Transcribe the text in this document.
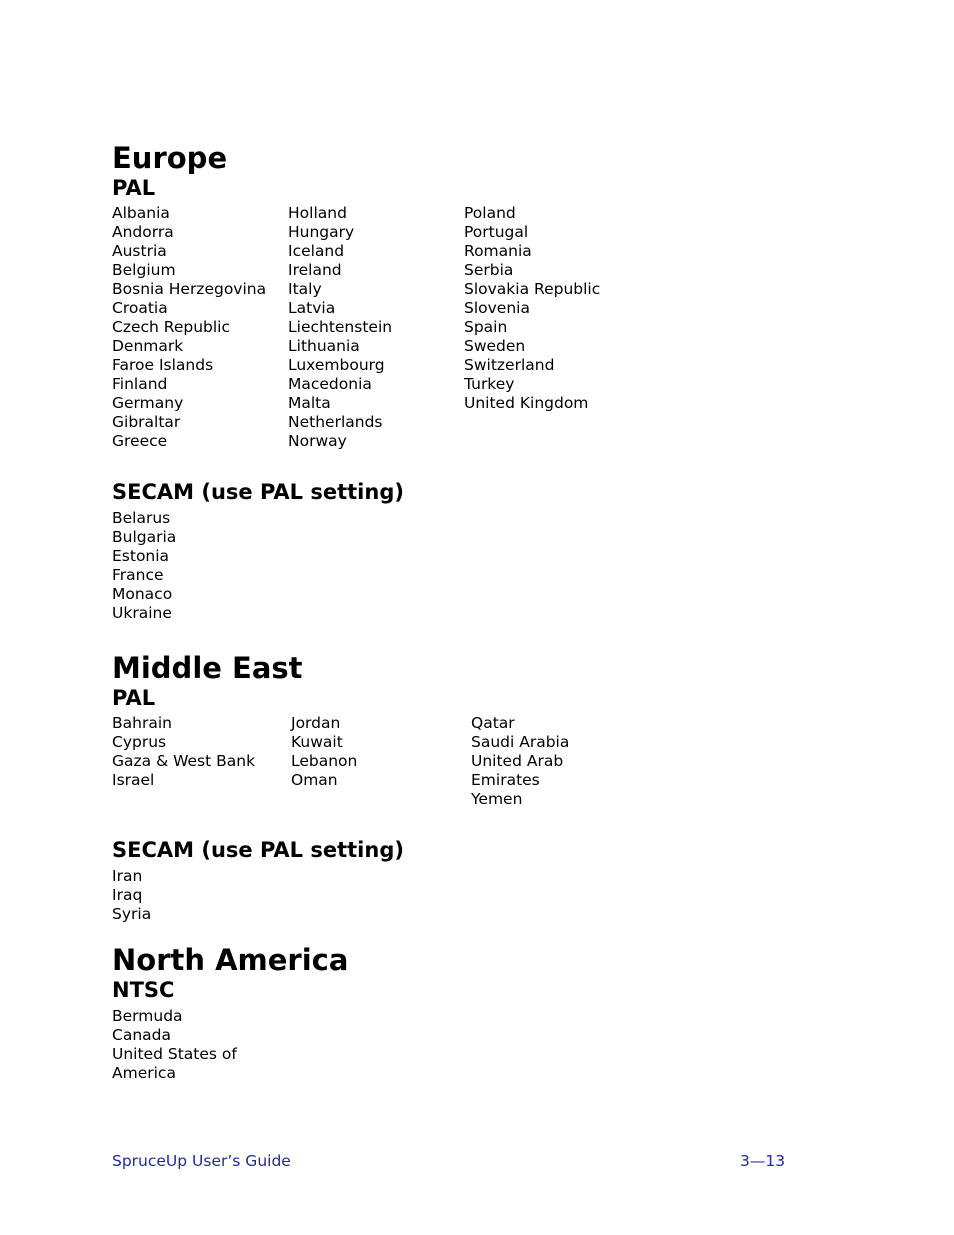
Europe
PAL
Albania
Andorra
Austria
Belgium
Bosnia Herzegovina
Croatia
Czech Republic
Denmark
Faroe Islands
Finland
Germany
Gibraltar
Greece
Holland
Hungary
Iceland
Ireland
Italy
Latvia
Liechtenstein
Lithuania
Luxembourg
Macedonia
Malta
Netherlands
Norway
Poland
Portugal
Romania
Serbia
Slovakia Republic
Slovenia
Spain
Sweden
Switzerland
Turkey
United Kingdom
SECAM (use PAL setting)
Belarus
Bulgaria
Estonia
France
Monaco
Ukraine
Middle East
PAL
Bahrain
Cyprus
Gaza & West Bank
Israel
Jordan
Kuwait
Lebanon
Oman
Qatar
Saudi Arabia
United Arab
Emirates
Yemen
SECAM (use PAL setting)
Iran
Iraq
Syria
North America
NTSC
Bermuda
Canada
United States of
America
SpruceUp User’s Guide	3—13
